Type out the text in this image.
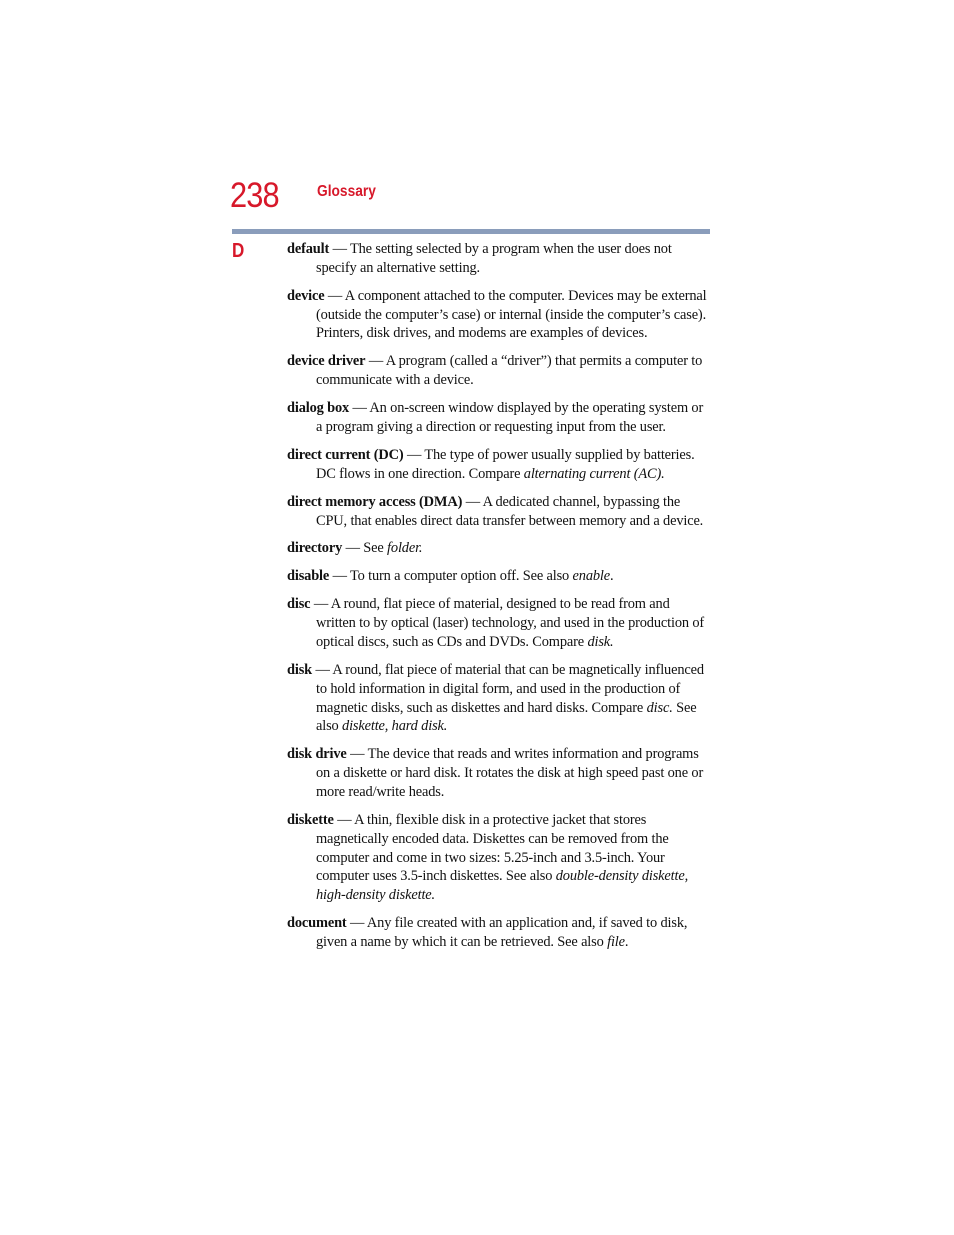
238 Glossary
D	default — The setting selected by a program when the user does not specify an alternative setting.

device — A component attached to the computer. Devices may be external (outside the computer’s case) or internal (inside the computer’s case). Printers, disk drives, and modems are examples of devices.

device driver — A program (called a “driver”) that permits a computer to communicate with a device.

dialog box — An on-screen window displayed by the operating system or a program giving a direction or requesting input from the user.

direct current (DC) — The type of power usually supplied by batteries. DC flows in one direction. Compare alternating current (AC).

direct memory access (DMA) — A dedicated channel, bypassing the CPU, that enables direct data transfer between memory and a device.

directory — See folder.

disable — To turn a computer option off. See also enable.

disc — A round, flat piece of material, designed to be read from and written to by optical (laser) technology, and used in the production of optical discs, such as CDs and DVDs. Compare disk.

disk — A round, flat piece of material that can be magnetically influenced to hold information in digital form, and used in the production of magnetic disks, such as diskettes and hard disks. Compare disc. See also diskette, hard disk.

disk drive — The device that reads and writes information and programs on a diskette or hard disk. It rotates the disk at high speed past one or more read/write heads.

diskette — A thin, flexible disk in a protective jacket that stores magnetically encoded data. Diskettes can be removed from the computer and come in two sizes: 5.25-inch and 3.5-inch. Your computer uses 3.5-inch diskettes. See also double-density diskette, high-density diskette.

document — Any file created with an application and, if saved to disk, given a name by which it can be retrieved. See also file.
